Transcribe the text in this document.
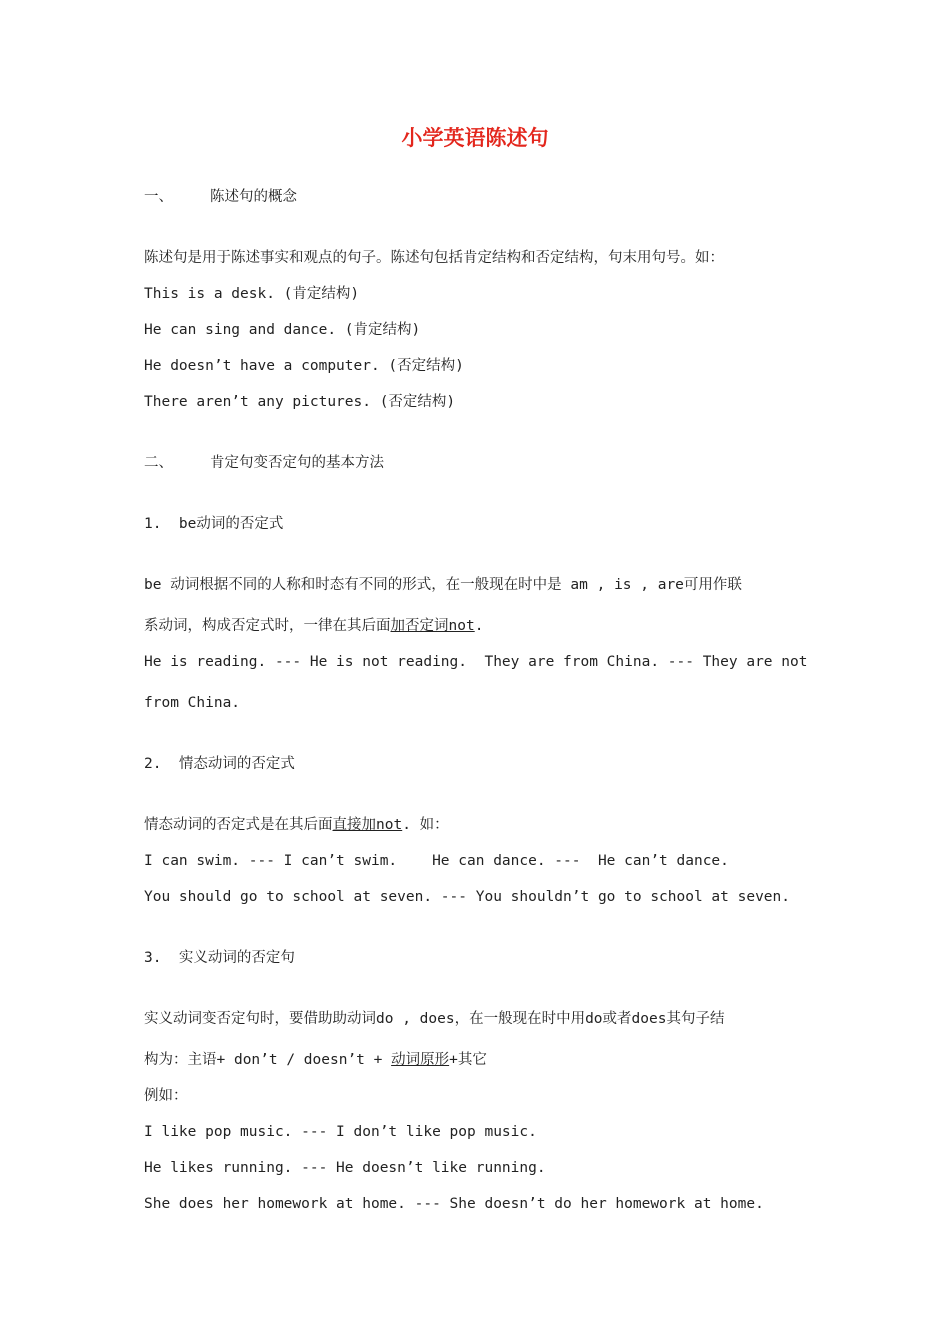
小学英语陈述句

一、	陈述句的概念

陈述句是用于陈述事实和观点的句子。陈述句包括肯定结构和否定结构，句末用句号。如：

This is a desk. (肯定结构)

He can sing and dance. (肯定结构)

He doesn’t have a computer. (否定结构)

There aren’t any pictures. (否定结构)

二、	肯定句变否定句的基本方法

1.  be动词的否定式

be 动词根据不同的人称和时态有不同的形式，在一般现在时中是 am , is , are可用作联

系动词，构成否定式时，一律在其后面加否定词not.

He is reading. --- He is not reading.  They are from China. --- They are not

from China.

2.  情态动词的否定式

情态动词的否定式是在其后面直接加not. 如：

I can swim. --- I can’t swim.    He can dance. ---  He can’t dance.

You should go to school at seven. --- You shouldn’t go to school at seven.

3.  实义动词的否定句

实义动词变否定句时，要借助助动词do , does，在一般现在时中用do或者does其句子结

构为：主语+ don’t / doesn’t + 动词原形+其它

例如：

I like pop music. --- I don’t like pop music.

He likes running. --- He doesn’t like running.

She does her homework at home. --- She doesn’t do her homework at home.
